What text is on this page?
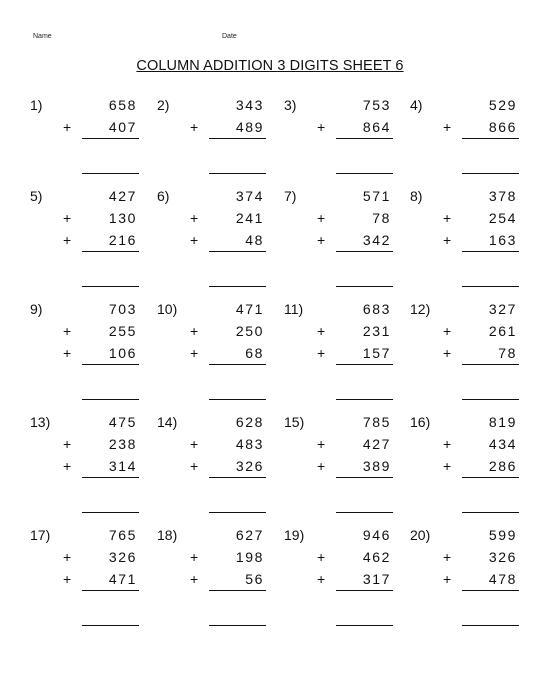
Name	Date
COLUMN ADDITION 3 DIGITS SHEET 6
1)	658
+	407
2)	343
+	489
3)	753
+	864
4)	529
+	866
5)	427
+	130
+	216
6)	374
+	241
+	48
7)	571
+	78
+	342
8)	378
+	254
+	163
9)	703
+	255
+	106
10)	471
+	250
+	68
11)	683
+	231
+	157
12)	327
+	261
+	78
13)	475
+	238
+	314
14)	628
+	483
+	326
15)	785
+	427
+	389
16)	819
+	434
+	286
17)	765
+	326
+	471
18)	627
+	198
+	56
19)	946
+	462
+	317
20)	599
+	326
+	478
